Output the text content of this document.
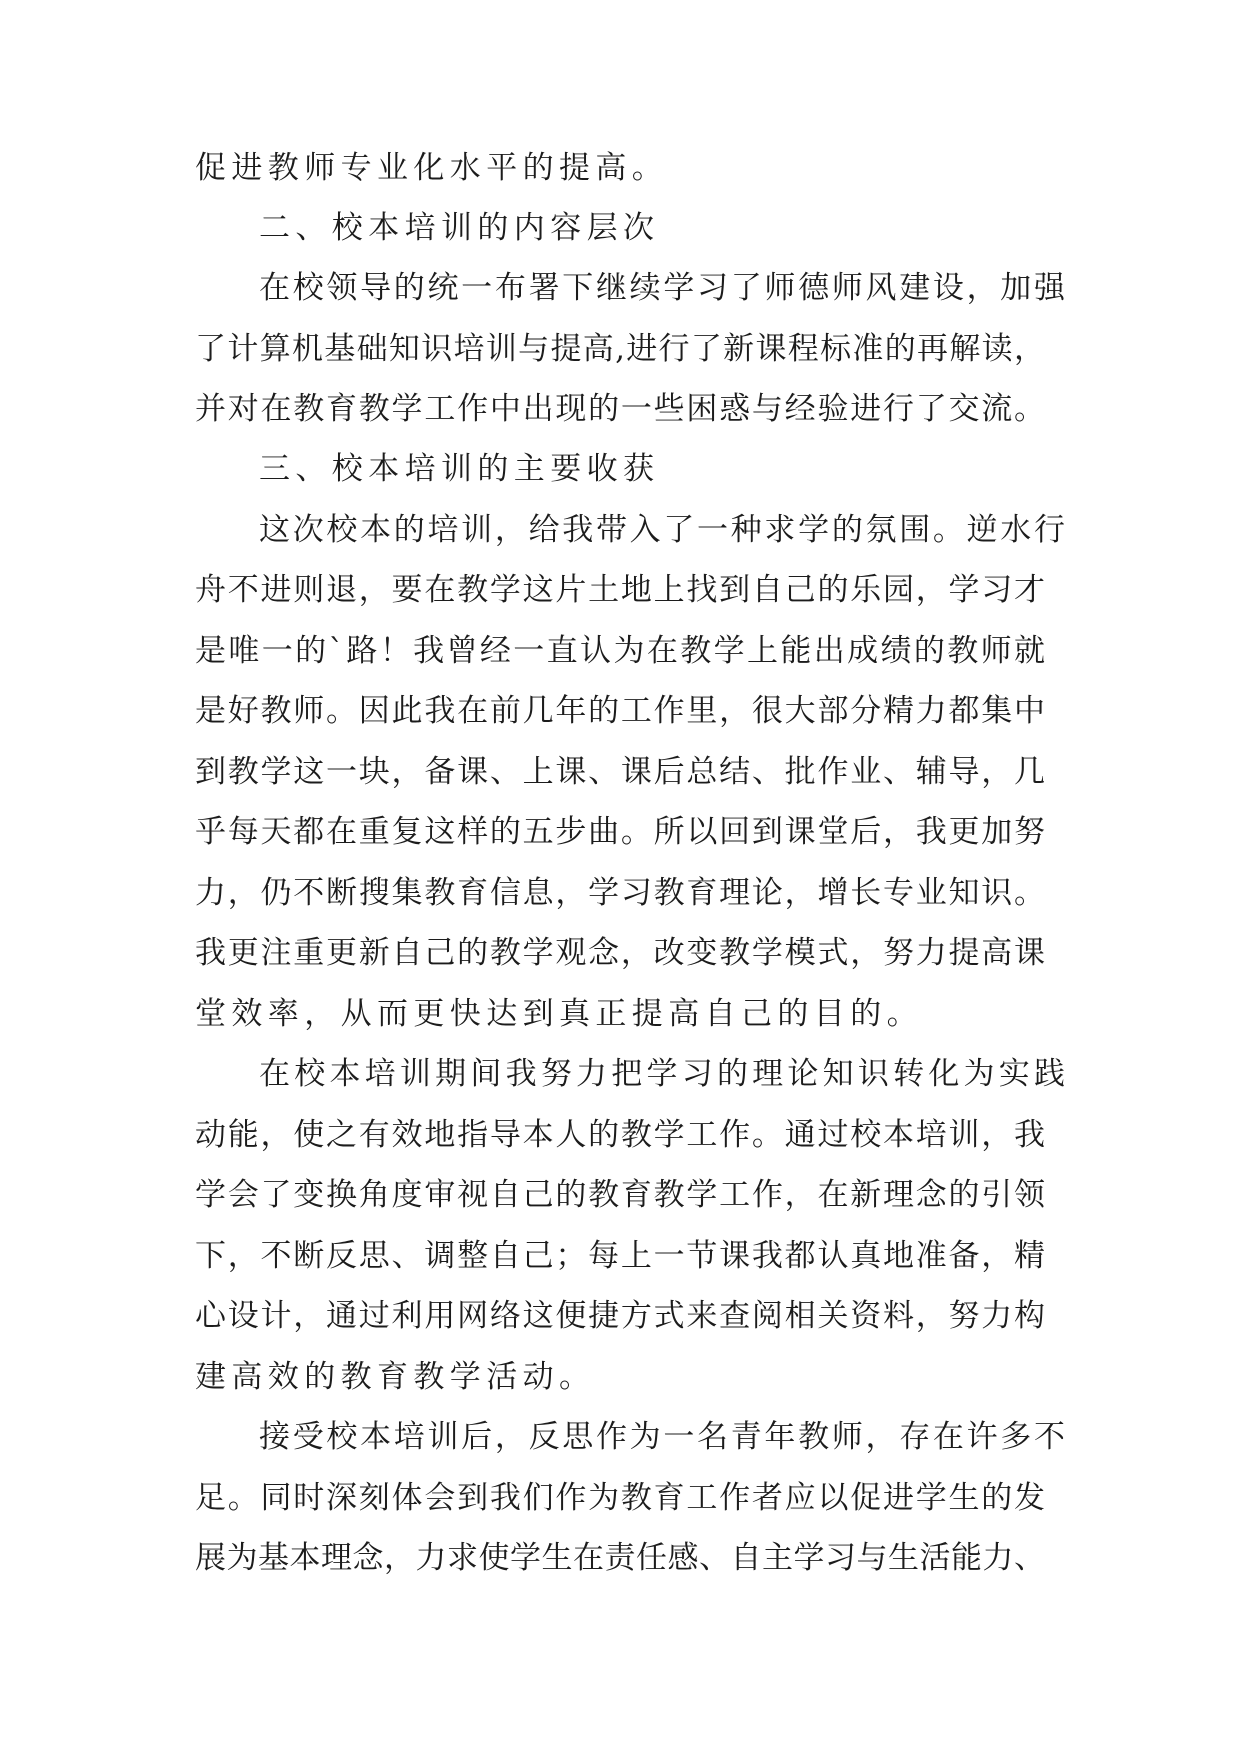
促进教师专业化水平的提高。
二、校本培训的内容层次
在校领导的统一布署下继续学习了师德师风建设，加强
了计算机基础知识培训与提高,进行了新课程标准的再解读，
并对在教育教学工作中出现的一些困惑与经验进行了交流。
三、校本培训的主要收获
这次校本的培训，给我带入了一种求学的氛围。逆水行
舟不进则退，要在教学这片土地上找到自己的乐园，学习才
是唯一的`路！我曾经一直认为在教学上能出成绩的教师就
是好教师。因此我在前几年的工作里，很大部分精力都集中
到教学这一块，备课、上课、课后总结、批作业、辅导，几
乎每天都在重复这样的五步曲。所以回到课堂后，我更加努
力，仍不断搜集教育信息，学习教育理论，增长专业知识。
我更注重更新自己的教学观念，改变教学模式，努力提高课
堂效率，从而更快达到真正提高自己的目的。
在校本培训期间我努力把学习的理论知识转化为实践
动能，使之有效地指导本人的教学工作。通过校本培训，我
学会了变换角度审视自己的教育教学工作，在新理念的引领
下，不断反思、调整自己；每上一节课我都认真地准备，精
心设计，通过利用网络这便捷方式来查阅相关资料，努力构
建高效的教育教学活动。
接受校本培训后，反思作为一名青年教师，存在许多不
足。同时深刻体会到我们作为教育工作者应以促进学生的发
展为基本理念，力求使学生在责任感、自主学习与生活能力、
